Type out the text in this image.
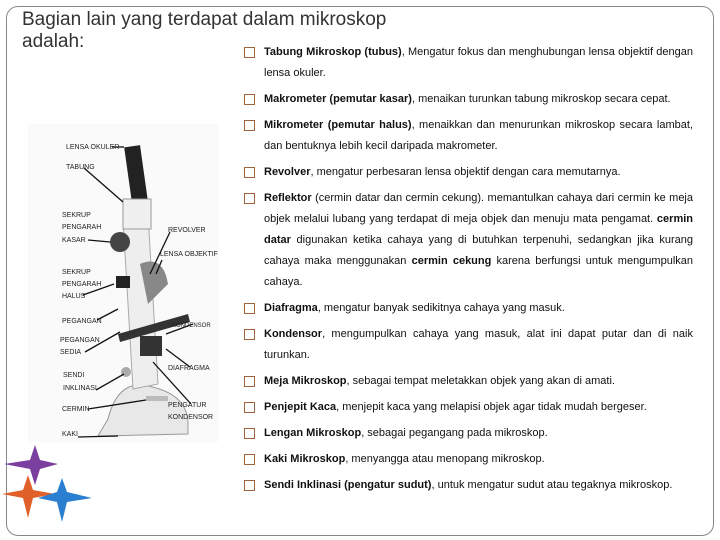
Bagian lain yang terdapat dalam mikroskop adalah:
LENSA OKULER
TABUNG
SEKRUP
PENGARAH
KASAR
REVOLVER
LENSA OBJEKTIF
SEKRUP
PENGARAH
HALUS
PEGANGAN
KONDENSOR
PEGANGAN
SEDIA
DIAFRAGMA
SENDI
INKLINASI
PENGATUR
KONDENSOR
CERMIN
KAKI
Tabung Mikroskop (tubus), Mengatur fokus dan menghubungan lensa objektif dengan lensa okuler.
Makrometer (pemutar kasar), menaikan turunkan tabung mikroskop secara cepat.
Mikrometer (pemutar halus), menaikkan dan menurunkan mikroskop secara lambat, dan bentuknya lebih kecil daripada makrometer.
Revolver, mengatur perbesaran lensa objektif dengan cara memutarnya.
Reflektor (cermin datar dan cermin cekung). memantulkan cahaya dari cermin ke meja objek melalui lubang yang terdapat di meja objek dan menuju mata pengamat. cermin datar digunakan ketika cahaya yang di butuhkan terpenuhi, sedangkan jika kurang cahaya maka menggunakan cermin cekung karena berfungsi untuk mengumpulkan cahaya.
Diafragma, mengatur banyak sedikitnya cahaya yang masuk.
Kondensor, mengumpulkan cahaya yang masuk, alat ini dapat putar dan di naik turunkan.
Meja Mikroskop, sebagai tempat meletakkan objek yang akan di amati.
Penjepit Kaca, menjepit kaca yang melapisi objek agar tidak mudah bergeser.
Lengan Mikroskop, sebagai pegangang pada mikroskop.
Kaki Mikroskop, menyangga atau menopang mikroskop.
Sendi Inklinasi (pengatur sudut), untuk mengatur sudut atau tegaknya mikroskop.
